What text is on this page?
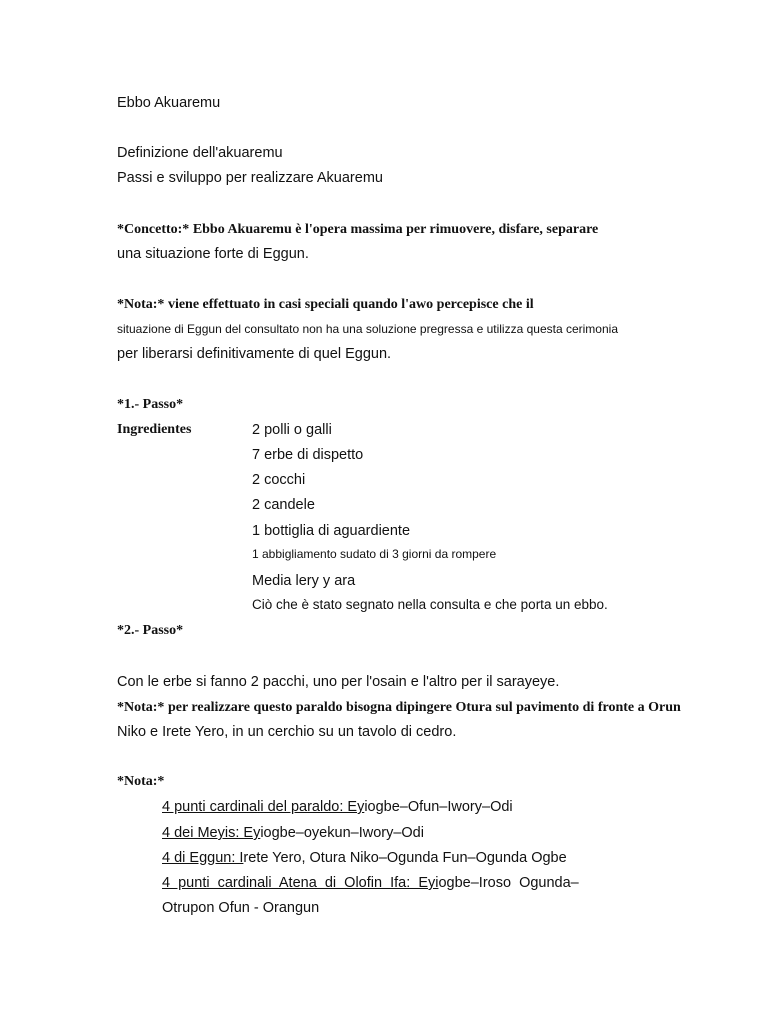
Ebbo Akuaremu
Definizione dell'akuaremu
Passi e sviluppo per realizzare Akuaremu
*Concetto:* Ebbo Akuaremu è l'opera massima per rimuovere, disfare, separare
una situazione forte di Eggun.
*Nota:* viene effettuato in casi speciali quando l'awo percepisce che il
situazione di Eggun del consultato non ha una soluzione pregressa e utilizza questa cerimonia
per liberarsi definitivamente di quel Eggun.
*1.- Passo*
Ingredientes	2 polli o galli
7 erbe di dispetto
2 cocchi
2 candele
1 bottiglia di aguardiente
1 abbigliamento sudato di 3 giorni da rompere
Media lery y ara
Ciò che è stato segnato nella consulta e che porta un ebbo.
*2.- Passo*
Con le erbe si fanno 2 pacchi, uno per l'osain e l'altro per il sarayeye.
*Nota:* per realizzare questo paraldo bisogna dipingere Otura sul pavimento di fronte a Orun
Niko e Irete Yero, in un cerchio su un tavolo di cedro.
*Nota:*
4 punti cardinali del paraldo: Eyiogbe–Ofun–Iwory–Odi
4 dei Meyis: Eyiogbe–oyekun–Iwory–Odi
4 di Eggun: Irete Yero, Otura Niko–Ogunda Fun–Ogunda Ogbe
4  punti  cardinali  Atena  di  Olofin  Ifa:  Eyiogbe–Iroso  Ogunda–
Otrupon Ofun - Orangun
